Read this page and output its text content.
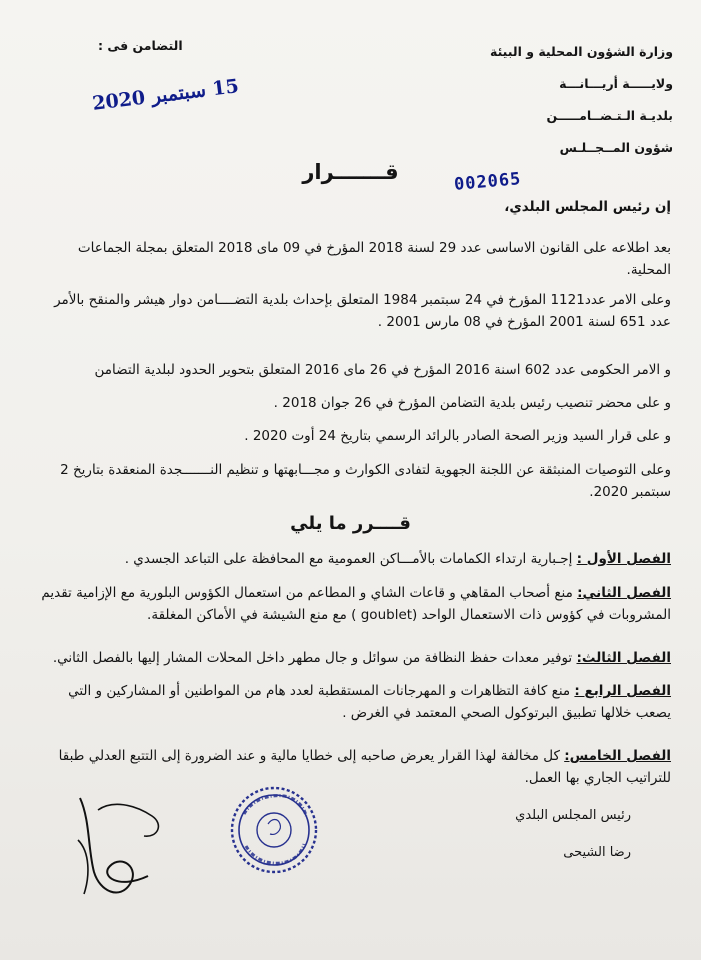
وزارة الشؤون المحلية و البيئة
ولايـــــة أريـــانـــة
بلديـة الـتـضــامـــــن
شؤون المــجــلـس
التضامن فى :
15 سبتمبر 2020
قـــــــرار	002065
إن رئيس المجلس البلدي،
بعد اطلاعه على القانون الاساسى عدد 29 لسنة 2018 المؤرخ في 09 ماى 2018 المتعلق بمجلة الجماعات المحلية.
وعلى الامر عدد1121 المؤرخ في 24 سبتمبر 1984 المتعلق بإحداث بلدية التضــــامن دوار هيشر والمنقح بالأمر عدد 651 لسنة 2001 المؤرخ في 08 مارس 2001 .
و الامر الحكومى عدد 602 اسنة 2016 المؤرخ في 26 ماى 2016 المتعلق بتحوير الحدود لبلدية التضامن
و على محضر تنصيب رئيس بلدية التضامن المؤرخ في 26 جوان 2018 .
و على قرار السيد وزير الصحة الصادر بالرائد الرسمي بتاريخ 24 أوت 2020 .
وعلى التوصيات المنبثقة عن اللجنة الجهوية لتفادى الكوارث و مجـــابهتها و تنظيم النـــــــجدة المنعقدة بتاريخ 2 سبتمبر 2020.
قــــرر ما يلي
الفصل الأول : إجـبارية ارتداء الكمامات بالأمـــاكن العمومية مع المحافظة على التباعد الجسدي .
الفصل الثاني: منع أصحاب المقاهي و قاعات الشاي و المطاعم من استعمال الكؤوس البلورية مع الإزامية تقديم المشروبات في كؤوس ذات الاستعمال الواحد (goublet ) مع منع الشيشة في الأماكن المغلقة.
الفصل الثالث: توفير معدات حفظ النظافة من سوائل و جال مطهر داخل المحلات المشار إليها بالفصل الثاني.
الفصل الرابع : منع كافة التظاهرات و المهرجانات المستقطبة لعدد هام من المواطنين أو المشاركين و التي يصعب خلالها تطبيق البرتوكول الصحي المعتمد في الغرض .
الفصل الخامس: كل مخالفة لهذا القرار يعرض صاحبه إلى خطايا مالية و عند الضرورة إلى التتبع العدلي طبقا للتراتيب الجاري بها العمل.
رئيس المجلس البلدي
رضا الشيحى
